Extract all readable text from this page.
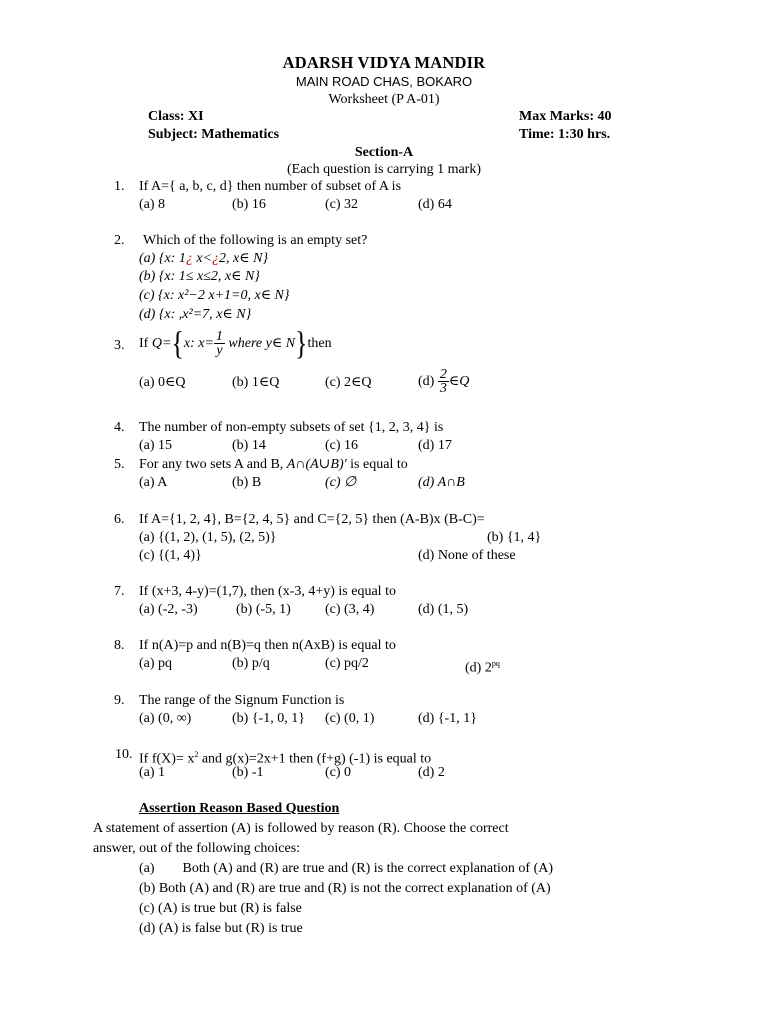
ADARSH VIDYA MANDIR
MAIN ROAD CHAS, BOKARO
Worksheet (P A-01)
Class: XI	Max Marks: 40
Subject: Mathematics	Time: 1:30 hrs.
Section-A
(Each question is carrying 1 mark)
1. If A={ a, b, c, d} then number of subset of A is
(a) 8	(b) 16	(c) 32	(d) 64
2. Which of the following is an empty set?
(a) {x: 1¿ x<¿2, x∈ N}
(b) {x: 1≤ x≤2, x∈ N}
(c) {x: x²−2 x+1=0, x∈ N}
(d) {x: ,x²=7, x∈ N}
3. If Q={x: $x= \frac{1}{y}$ where y∈ N}then
(a) 0∈Q	(b) 1∈Q	(c) 2∈Q	$(d) \frac{2}{3}$ ∈Q
4. The number of non-empty subsets of set {1, 2, 3, 4} is
(a) 15	(b) 14	(c) 16	(d) 17
5. For any two sets A and B, A∩(A∪B)′ is equal to
(a) A	(b) B	(c) ∅	(d) A∩B
6. If A={1, 2, 4}, B={2, 4, 5} and C={2, 5} then (A-B)x (B-C)=
(a) {(1, 2), (1, 5), (2, 5)}	(b) {1, 4}
(c) {(1, 4)}	(d) None of these
7. If (x+3, 4-y)=(1,7), then (x-3, 4+y) is equal to
(a) (-2, -3)	(b) (-5, 1) (c) (3, 4)	(d) (1, 5)
8. If n(A)=p and n(B)=q then n(AxB) is equal to
(a) pq	(b) p/q	(c) pq/2	(d) $2^{pq}$
9. The range of the Signum Function is
(a) (0, ∞)	(b) {-1, 0, 1} (c) (0, 1)	(d) {-1, 1}
10. If $f(X)= x^2$ and g(x)=2x+1 then (f+g) (-1) is equal to
(a) 1	(b) -1	(c) 0	(d) 2
Assertion Reason Based Question
A statement of assertion (A) is followed by reason (R). Choose the correct
answer, out of the following choices:
(a)        Both (A) and (R) are true and (R) is the correct explanation of (A)
(b) Both (A) and (R) are true and (R) is not the correct explanation of (A)
(c) (A) is true but (R) is false
(d) (A) is false but (R) is true
